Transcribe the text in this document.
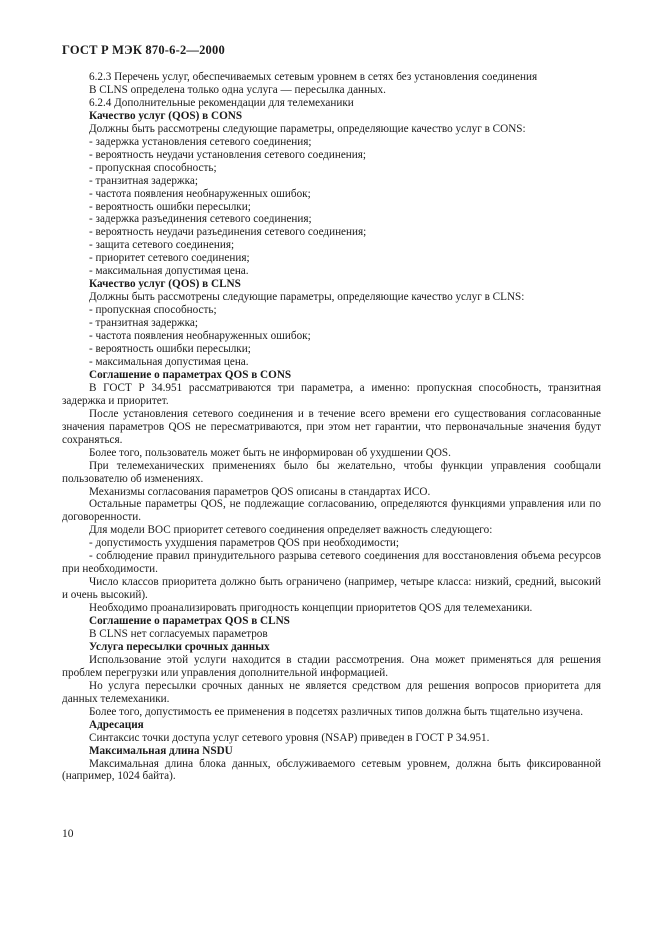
ГОСТ Р МЭК 870-6-2—2000

6.2.3 Перечень услуг, обеспечиваемых сетевым уровнем в сетях без установления соединения

В CLNS определена только одна услуга — пересылка данных.

6.2.4 Дополнительные рекомендации для телемеханики

Качество услуг (QOS) в CONS

Должны быть рассмотрены следующие параметры, определяющие качество услуг в CONS:

- задержка установления сетевого соединения;

- вероятность неудачи установления сетевого соединения;

- пропускная способность;

- транзитная задержка;

- частота появления необнаруженных ошибок;

- вероятность ошибки пересылки;

- задержка разъединения сетевого соединения;

- вероятность неудачи разъединения сетевого соединения;

- защита сетевого соединения;

- приоритет сетевого соединения;

- максимальная допустимая цена.

Качество услуг (QOS) в CLNS

Должны быть рассмотрены следующие параметры, определяющие качество услуг в CLNS:

- пропускная способность;

- транзитная задержка;

- частота появления необнаруженных ошибок;

- вероятность ошибки пересылки;

- максимальная допустимая цена.

Соглашение о параметрах QOS в CONS

В ГОСТ Р 34.951 рассматриваются три параметра, а именно: пропускная способность, транзитная задержка и приоритет.

После установления сетевого соединения и в течение всего времени его существования согласованные значения параметров QOS не пересматриваются, при этом нет гарантии, что первоначальные значения будут сохраняться.

Более того, пользователь может быть не информирован об ухудшении QOS.

При телемеханических применениях было бы желательно, чтобы функции управления сообщали пользователю об изменениях.

Механизмы согласования параметров QOS описаны в стандартах ИСО.

Остальные параметры QOS, не подлежащие согласованию, определяются функциями управления или по договоренности.

Для модели ВОС приоритет сетевого соединения определяет важность следующего:

- допустимость ухудшения параметров QOS при необходимости;

- соблюдение правил принудительного разрыва сетевого соединения для восстановления объема ресурсов при необходимости.

Число классов приоритета должно быть ограничено (например, четыре класса: низкий, средний, высокий и очень высокий).

Необходимо проанализировать пригодность концепции приоритетов QOS для телемеханики.

Соглашение о параметрах QOS в CLNS

В CLNS нет согласуемых параметров

Услуга пересылки срочных данных

Использование этой услуги находится в стадии рассмотрения. Она может применяться для решения проблем перегрузки или управления дополнительной информацией.

Но услуга пересылки срочных данных не является средством для решения вопросов приоритета для данных телемеханики.

Более того, допустимость ее применения в подсетях различных типов должна быть тщательно изучена.

Адресация

Синтаксис точки доступа услуг сетевого уровня (NSAP) приведен в ГОСТ Р 34.951.

Максимальная длина NSDU

Максимальная длина блока данных, обслуживаемого сетевым уровнем, должна быть фиксированной (например, 1024 байта).

10
